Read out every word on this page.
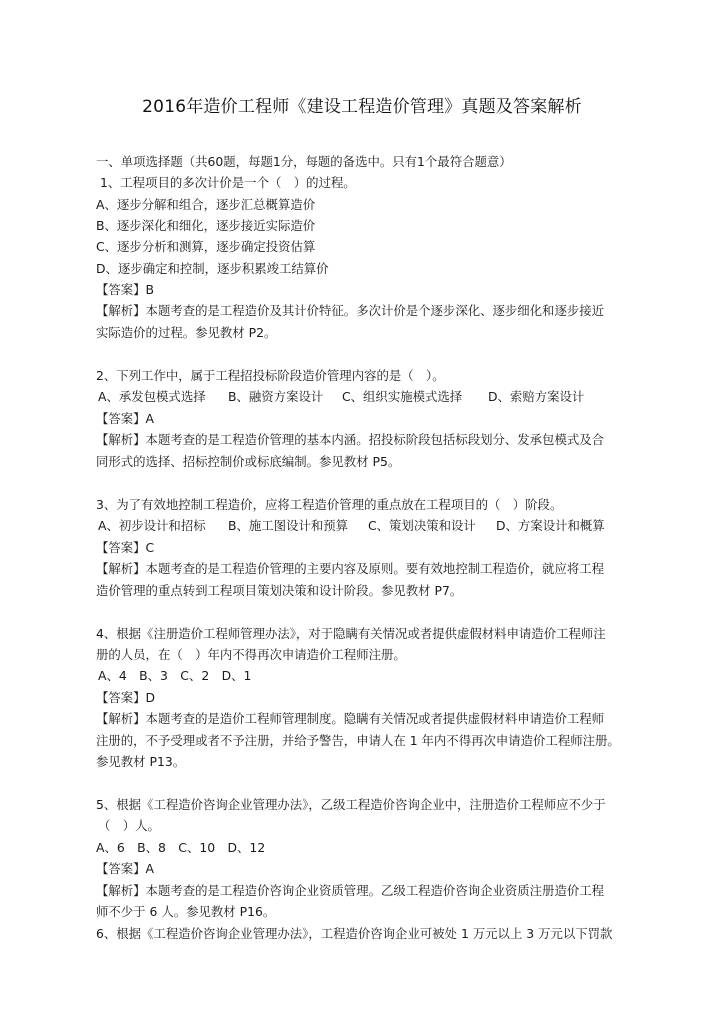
2016年造价工程师《建设工程造价管理》真题及答案解析
一、单项选择题（共60题，每题1分，每题的备选中。只有1个最符合题意）
1、工程项目的多次计价是一个（　）的过程。
A、逐步分解和组合，逐步汇总概算造价
B、逐步深化和细化，逐步接近实际造价
C、逐步分析和测算，逐步确定投资估算
D、逐步确定和控制，逐步积累竣工结算价
【答案】B
【解析】本题考查的是工程造价及其计价特征。多次计价是个逐步深化、逐步细化和逐步接近
实际造价的过程。参见教材 P2。
2、下列工作中，属于工程招投标阶段造价管理内容的是（　）。
A、承发包模式选择 B、融资方案设计 C、组织实施模式选择 D、索赔方案设计
【答案】A
【解析】本题考查的是工程造价管理的基本内涵。招投标阶段包括标段划分、发承包模式及合
同形式的选择、招标控制价或标底编制。参见教材 P5。
3、为了有效地控制工程造价，应将工程造价管理的重点放在工程项目的（　）阶段。
A、初步设计和招标 B、施工图设计和预算 C、策划决策和设计 D、方案设计和概算
【答案】C
【解析】本题考查的是工程造价管理的主要内容及原则。要有效地控制工程造价，就应将工程
造价管理的重点转到工程项目策划决策和设计阶段。参见教材 P7。
4、根据《注册造价工程师管理办法》，对于隐瞒有关情况或者提供虚假材料申请造价工程师注
册的人员，在（　）年内不得再次申请造价工程师注册。
A、4　B、3　C、2　D、1
【答案】D
【解析】本题考查的是造价工程师管理制度。隐瞒有关情况或者提供虚假材料申请造价工程师
注册的，不予受理或者不予注册，并给予警告，申请人在 1 年内不得再次申请造价工程师注册。
参见教材 P13。
5、根据《工程造价咨询企业管理办法》，乙级工程造价咨询企业中，注册造价工程师应不少于
（　）人。
A、6　B、8　C、10　D、12
【答案】A
【解析】本题考查的是工程造价咨询企业资质管理。乙级工程造价咨询企业资质注册造价工程
师不少于 6 人。参见教材 P16。
6、根据《工程造价咨询企业管理办法》，工程造价咨询企业可被处 1 万元以上 3 万元以下罚款
